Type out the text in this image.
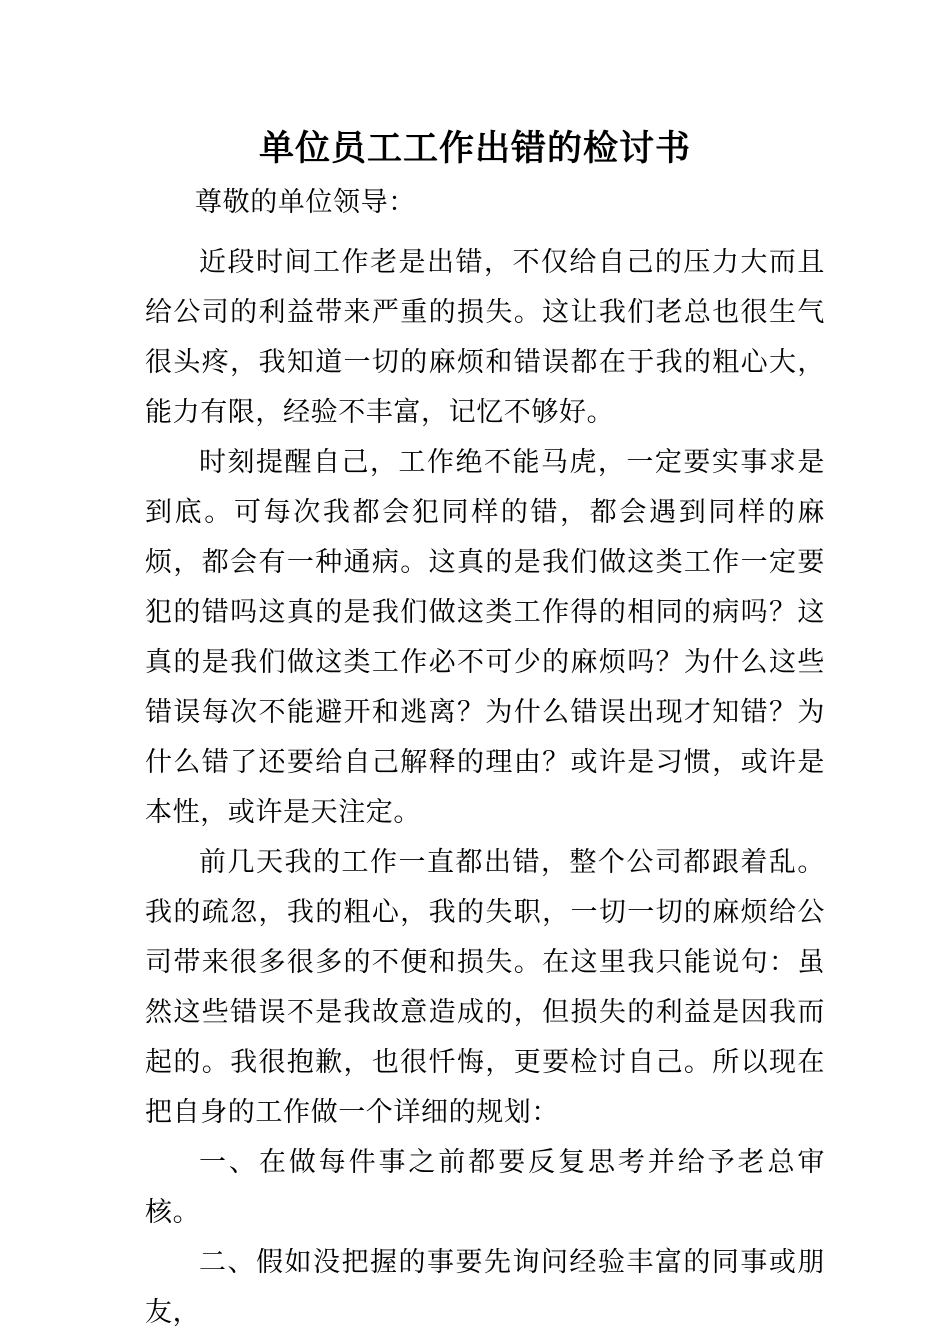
单位员工工作出错的检讨书

尊敬的单位领导：

近段时间工作老是出错，不仅给自己的压力大而且给公司的利益带来严重的损失。这让我们老总也很生气很头疼，我知道一切的麻烦和错误都在于我的粗心大，能力有限，经验不丰富，记忆不够好。

时刻提醒自己，工作绝不能马虎，一定要实事求是到底。可每次我都会犯同样的错，都会遇到同样的麻烦，都会有一种通病。这真的是我们做这类工作一定要犯的错吗这真的是我们做这类工作得的相同的病吗？这真的是我们做这类工作必不可少的麻烦吗？为什么这些错误每次不能避开和逃离？为什么错误出现才知错？为什么错了还要给自己解释的理由？或许是习惯，或许是本性，或许是天注定。

前几天我的工作一直都出错，整个公司都跟着乱。我的疏忽，我的粗心，我的失职，一切一切的麻烦给公司带来很多很多的不便和损失。在这里我只能说句：虽然这些错误不是我故意造成的，但损失的利益是因我而起的。我很抱歉，也很忏悔，更要检讨自己。所以现在把自身的工作做一个详细的规划：

一、在做每件事之前都要反复思考并给予老总审核。

二、假如没把握的事要先询问经验丰富的同事或朋友，
